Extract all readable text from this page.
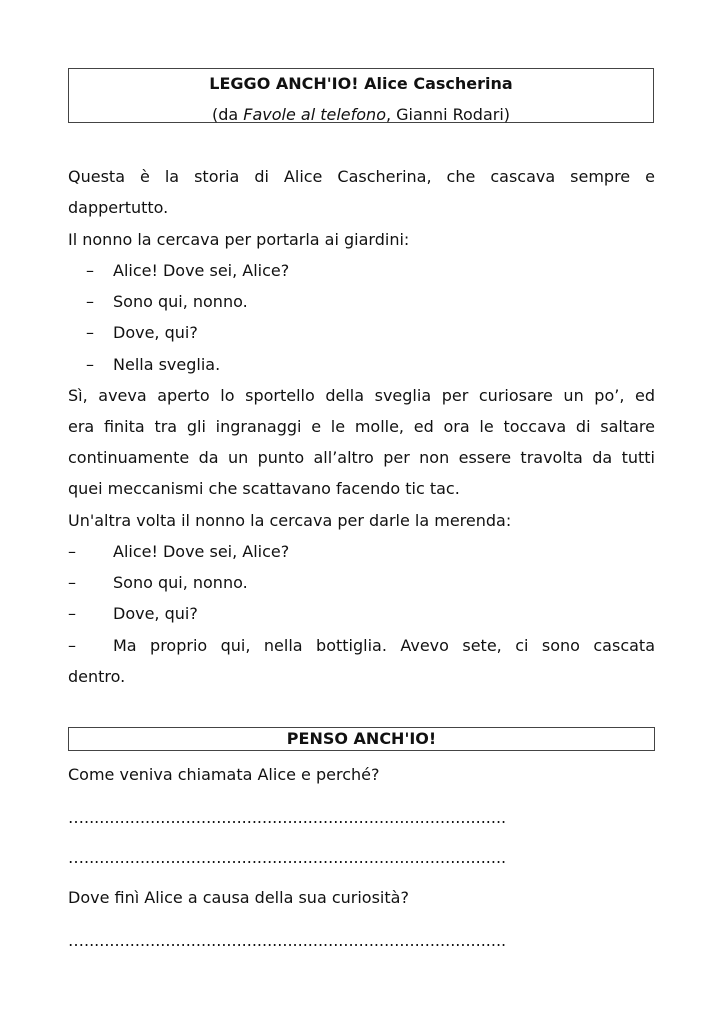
LEGGO ANCH'IO! Alice Cascherina
(da Favole al telefono, Gianni Rodari)
Questa è la storia di Alice Cascherina, che cascava sempre e
dappertutto.
Il nonno la cercava per portarla ai giardini:
– Alice! Dove sei, Alice?
– Sono qui, nonno.
– Dove, qui?
– Nella sveglia.
Sì, aveva aperto lo sportello della sveglia per curiosare un po’, ed
era finita tra gli ingranaggi e le molle, ed ora le toccava di saltare
continuamente da un punto all’altro per non essere travolta da tutti
quei meccanismi che scattavano facendo tic tac.
Un'altra volta il nonno la cercava per darle la merenda:
– Alice! Dove sei, Alice?
– Sono qui, nonno.
– Dove, qui?
– Ma proprio qui, nella bottiglia. Avevo sete, ci sono cascata
dentro.
PENSO ANCH'IO!
Come veniva chiamata Alice e perché?
…...................................................................................
…...................................................................................
Dove finì Alice a causa della sua curiosità?
…...................................................................................
